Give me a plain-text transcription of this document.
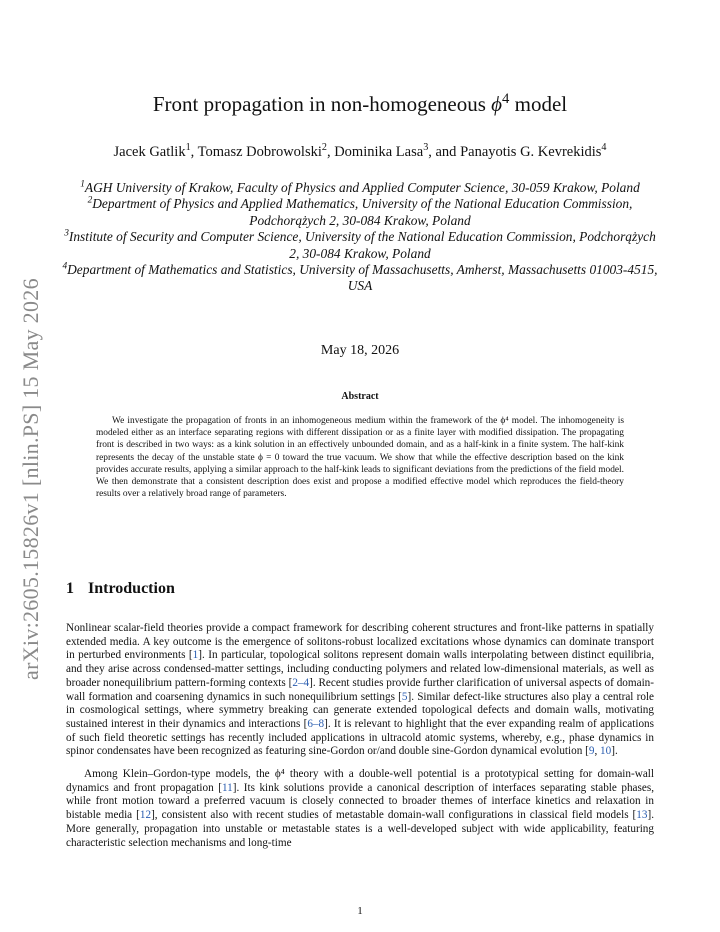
arXiv:2605.15826v1 [nlin.PS] 15 May 2026
Front propagation in non-homogeneous $\phi^4$ model
Jacek Gatlik$^1$, Tomasz Dobrowolski$^2$, Dominika Lasa$^3$, and Panayotis G. Kevrekidis$^4$

$^1$AGH University of Krakow, Faculty of Physics and Applied Computer Science, 30-059 Krakow, Poland

$^2$Department of Physics and Applied Mathematics, University of the National Education Commission, Podchorążych 2, 30-084 Krakow, Poland

$^3$Institute of Security and Computer Science, University of the National Education Commission, Podchorążych 2, 30-084 Krakow, Poland

$^4$Department of Mathematics and Statistics, University of Massachusetts, Amherst, Massachusetts 01003-4515, USA

May 18, 2026
Abstract

We investigate the propagation of fronts in an inhomogeneous medium within the framework of the ϕ⁴ model. The inhomogeneity is modeled either as an interface separating regions with different dissipation or as a finite layer with modified dissipation. The propagating front is described in two ways: as a kink solution in an effectively unbounded domain, and as a half-kink in a finite system. The half-kink represents the decay of the unstable state ϕ = 0 toward the true vacuum. We show that while the effective description based on the kink provides accurate results, applying a similar approach to the half-kink leads to significant deviations from the predictions of the field model. We then demonstrate that a consistent description does exist and propose a modified effective model which reproduces the field-theory results over a relatively broad range of parameters.

1 Introduction

Nonlinear scalar-field theories provide a compact framework for describing coherent structures and front-like patterns in spatially extended media. A key outcome is the emergence of solitons-robust localized excitations whose dynamics can dominate transport in perturbed environments [1]. In particular, topological solitons represent domain walls interpolating between distinct equilibria, and they arise across condensed-matter settings, including conducting polymers and related low-dimensional materials, as well as broader nonequilibrium pattern-forming contexts [2–4]. Recent studies provide further clarification of universal aspects of domain-wall formation and coarsening dynamics in such nonequilibrium settings [5]. Similar defect-like structures also play a central role in cosmological settings, where symmetry breaking can generate extended topological defects and domain walls, motivating sustained interest in their dynamics and interactions [6–8]. It is relevant to highlight that the ever expanding realm of applications of such field theoretic settings has recently included applications in ultracold atomic systems, whereby, e.g., phase dynamics in spinor condensates have been recognized as featuring sine-Gordon or/and double sine-Gordon dynamical evolution [9, 10].

Among Klein–Gordon-type models, the ϕ⁴ theory with a double-well potential is a prototypical setting for domain-wall dynamics and front propagation [11]. Its kink solutions provide a canonical description of interfaces separating stable phases, while front motion toward a preferred vacuum is closely connected to broader themes of interface kinetics and relaxation in bistable media [12], consistent also with recent studies of metastable domain-wall configurations in classical field models [13]. More generally, propagation into unstable or metastable states is a well-developed subject with wide applicability, featuring characteristic selection mechanisms and long-time

1
